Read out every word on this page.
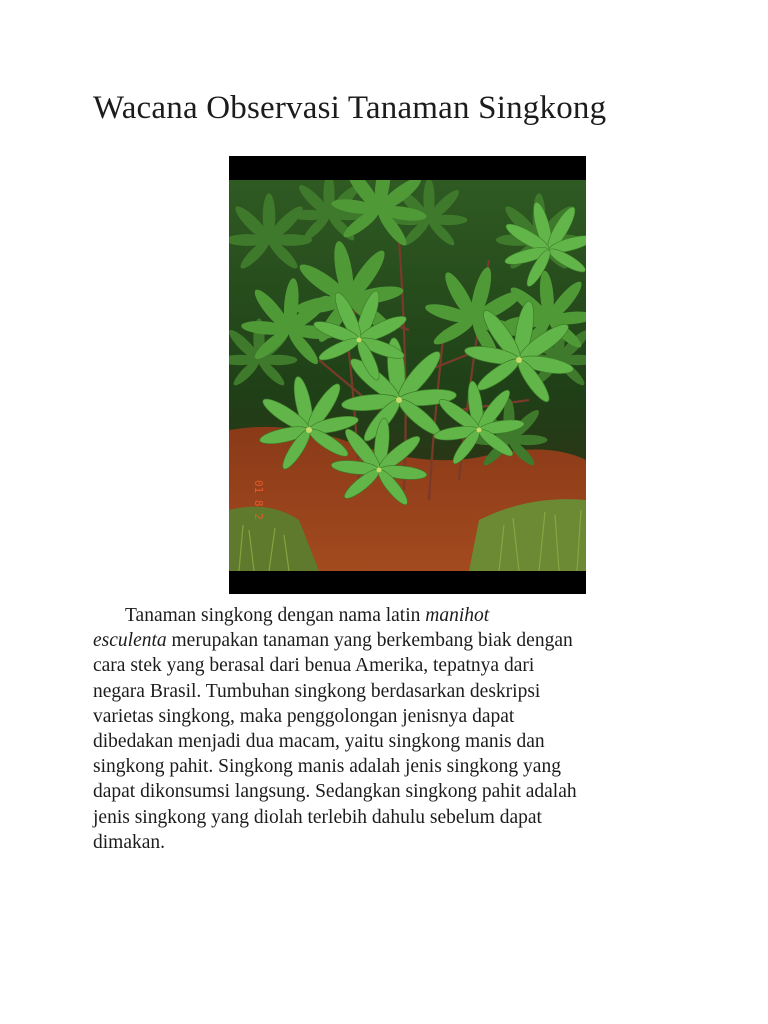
Wacana Observasi Tanaman Singkong
01 8 2

Tanaman singkong dengan nama latin manihot
esculenta merupakan tanaman yang berkembang biak dengan
cara stek yang berasal dari benua Amerika, tepatnya dari
negara Brasil. Tumbuhan singkong berdasarkan deskripsi
varietas singkong, maka penggolongan jenisnya dapat
dibedakan menjadi dua macam, yaitu singkong manis dan
singkong pahit. Singkong manis adalah jenis singkong yang
dapat dikonsumsi langsung. Sedangkan singkong pahit adalah
jenis singkong yang diolah terlebih dahulu sebelum dapat
dimakan.
